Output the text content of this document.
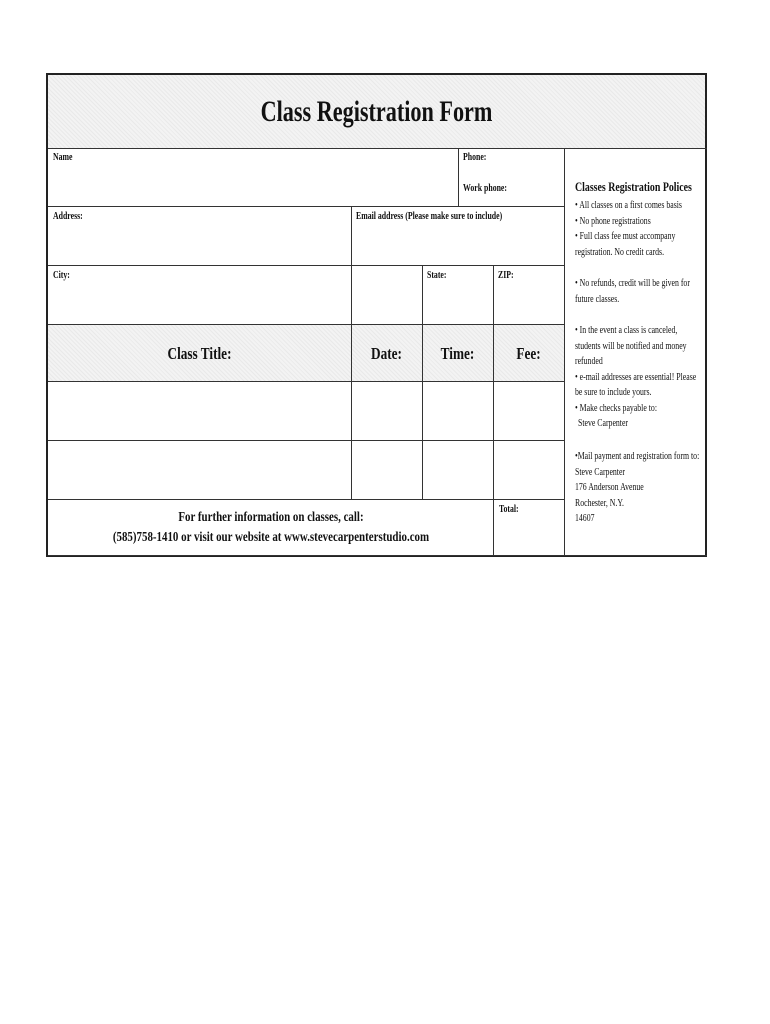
Class Registration Form
Name	Phone:
Work phone:
Address:	Email address (Please make sure to include)
City:	State:	ZIP:
Class Title:	Date:	Time:	Fee:
Total:
For further information on classes, call:
(585)758-1410 or visit our website at www.stevecarpenterstudio.com
Classes Registration Polices
• All classes on a first comes basis
• No phone registrations
• Full class fee must accompany
registration. No credit cards.
• No refunds, credit will be given for
future classes.
• In the event a class is canceled,
students will be notified and money
refunded
• e-mail addresses are essential! Please
be sure to include yours.
• Make checks payable to:
Steve Carpenter
•Mail payment and registration form to:
Steve Carpenter
176 Anderson Avenue
Rochester, N.Y.
14607
